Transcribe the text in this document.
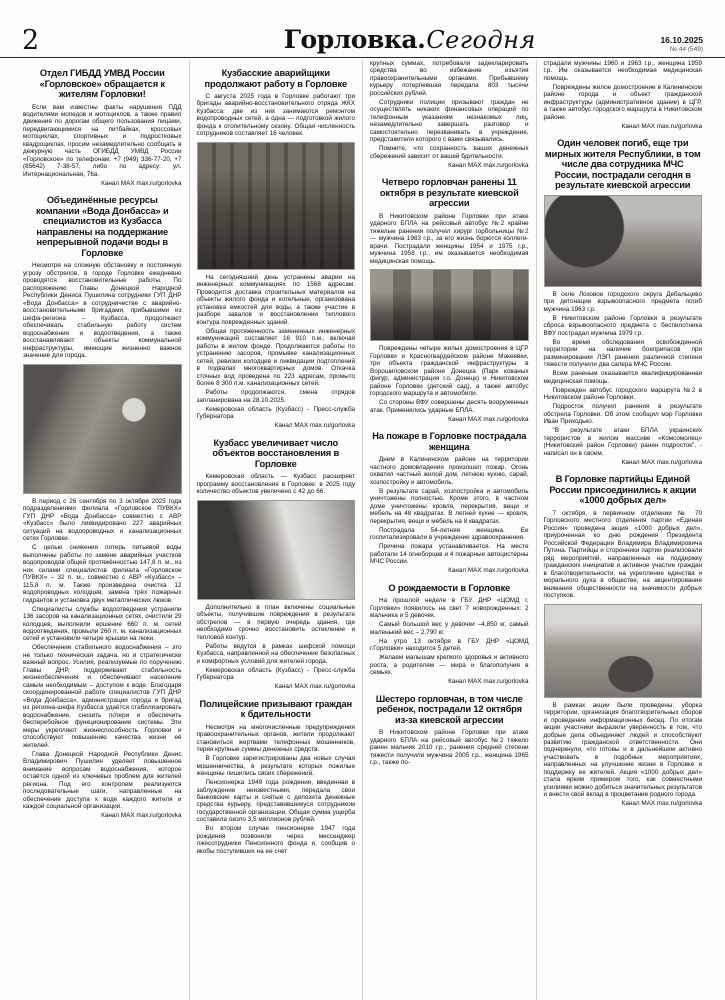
2	Горловка. Сегодня	16.10.2025
№ 44 (549)
Отдел ГИБДД УМВД России «Горловское» обращается к жителям Горловки!

Если вам известны факты нарушения ПДД водителями мопедов и мотоциклов, а также правил движения по дорогам общего пользования лицами, передвигающимися на питбайках, кроссовых мотоциклах, спортивных и подростковых квадроциклах, просим незамедлительно сообщать в дежурную часть ОГИБДД УМВД России «Горловское» по телефонам: +7 (949) 336-77-20, +7 (85642) 7-38-57, либо по адресу: ул. Интернациональная, 76а.

Канал MAX max.ru/gorlovka

Объединённые ресурсы компании «Вода Донбасса» и специалистов из Кузбасса направлены на поддержание непрерывной подачи воды в Горловке

Несмотря на сложную обстановку и постоянную угрозу обстрелов, в городе Горловке ежедневно проводятся восстановительные работы. По распоряжению Главы Донецкой Народной Республики Дениса Пушилина сотрудники ГУП ДНР «Вода Донбасса» в сотрудничестве с аварийно-восстановительными бригадами, прибывшими из шефа-региона – Кузбасса, продолжают обеспечивать стабильную работу систем водоснабжения и водоотведения, а также восстанавливают объекты коммунальной инфраструктуры, имеющие жизненно важное значение для города.

В период с 26 сентября по 3 октября 2025 года подразделениями филиала «Горловское ПУВКХ» ГУП ДНР «Вода Донбасса» совместно с АВР «Кузбасс» было ликвидировано 227 аварийных ситуаций на водопроводных и канализационных сетях Горловки.

С целью снижения потерь питьевой воды выполнены работы по замене аварийных участков водопроводов общей протяжённостью 147,8 п. м., из них силами специалистов филиала «Горловское ПУВКХ» – 32 п. м., совместно с АВР «Кузбасс» – 115,8 п. м. Также произведена очистка 12 водопроводных колодцев, замена трёх пожарных гидрантов и установка двух металлических люков.

Специалисты службы водоотведения устранили 136 засоров на канализационных сетях, очистили 29 колодцев, выполнили ершение 660 п. м. сетей водоотведения, промыли 260 п. м. канализационных сетей и установили четыре крышки на люки.

Обеспечение стабильного водоснабжения – это не только техническая задача, но и стратегически важный вопрос. Усилия, реализуемые по поручению Главы ДНР, поддерживают стабильность жизнеобеспечения и обеспечивают население самым необходимым – доступом к воде. Благодаря скоординированной работе специалистов ГУП ДНР «Вода Донбасса», администрации города и бригад из региона-шефа Кузбасса удаётся стабилизировать водоснабжение, снизить потери и обеспечить бесперебойное функционирование системы. Эти меры укрепляют жизнеспособность Горловки и способствуют повышению качества жизни её жителей.

Глава Донецкой Народной Республики Денис Владимирович Пушилин уделяет повышенное внимание вопросам водоснабжения, которое остаётся одной из ключевых проблем для жителей региона. Под его контролем реализуются последовательные шаги, направленные на обеспечение доступа к воде каждого жителя и каждой социальной организации.

Канал MAX max.ru/gorlovka

Кузбасские аварийщики продолжают работу в Горловке

С августа 2025 года в Горловке работают три бригады аварийно-восстановительного отряда ЖКХ Кузбасса: две из них занимаются ремонтом водопроводных сетей, а одна — подготовкой жилого фонда к отопительному сезону. Общая численность сотрудников составляет 16 человек.

На сегодняшний день устранены аварии на инженерных коммуникациях по 1568 адресам. Проводится доставка строительных материалов на объекты жилого фонда и котельные, организована установка емкостей для воды, а также участие в разборе завалов и восстановлении теплового контура поврежденных зданий.

Общая протяженность замененных инженерных коммуникаций составляет 16 910 п.м., включая работы в жилом фонде. Продолжаются работы по устранению засоров, промывке канализационных сетей, ревизии колодцев и ликвидации подтоплений в подвалах многоквартирных домов. Откачка сточных вод проведена по 223 адресам, промыто более 8 300 п.м. канализационных сетей.

Работы продолжаются, смена отрядов запланирована на 28.10.2025.

Кемеровская область (Кузбасс) - Пресс-служба Губернатора

Канал MAX max.ru/gorlovka

Кузбасс увеличивает число объектов восстановления в Горловке

Кемеровская область — Кузбасс расширяет программу восстановления в Горловке: в 2025 году количество объектов увеличено с 42 до 66.

Дополнительно в план включены социальные объекты, получившие повреждения в результате обстрелов — в первую очередь здания, где необходимо срочно восстановить остекление и тепловой контур.

Работы ведутся в рамках шефской помощи Кузбасса, направленной на обеспечение безопасных и комфортных условий для жителей города.

Кемеровская область (Кузбасс) - Пресс-служба Губернатора

Канал MAX max.ru/gorlovka

Полицейские призывают граждан к бдительности

Несмотря на многочисленные предупреждения правоохранительных органов, жители продолжают становиться жертвами телефонных мошенников, теряя крупные суммы денежных средств.

В Горловке зарегистрированы два новых случая мошенничества, в результате которых пожилые женщины лишились своих сбережений.

Пенсионерка 1949 года рождения, введенная в заблуждение неизвестными, передала свои банковские карты и снятые с депозита денежные средства курьеру, представившемуся сотрудником государственной организации. Общая сумма ущерба составила около 3,5 миллионов рублей.

Во втором случае пенсионерке 1947 года рождения позвонили через мессенджер лжесотрудники Пенсионного фонда и, сообщив о якобы поступивших на ее счет

крупных суммах, потребовали задекларировать средства во избежание изъятия правоохранительными органами. Прибывшему курьеру потерпевшая передала 803 тысячи российских рублей.

Сотрудники полиции призывают граждан не осуществлять никаких финансовых операций по телефонным указаниям незнакомых лиц, незамедлительно завершать разговор и самостоятельно перезванивать в учреждение, представители которого с вами связывались.

Помните, что сохранность ваших денежных сбережений зависит от вашей бдительности.

Канал MAX max.ru/gorlovka

Четверо горловчан ранены 11 октября в результате киевской агрессии

В Никитовском районе Горловки при атаке ударного БПЛА на рейсовый автобус №2 крайне тяжелые ранения получил хирург горбольницы №2 — мужчина 1983 г.р., за его жизнь борются коллеги-врачи. Пострадали женщины 1954 и 1975 г.р., мужчина 1958 г.р., им оказывается необходимая медицинская помощь.

Повреждены четыре жилых домостроения в ЦГР Горловки и Красногвардейском районе Макеевки, три объекта гражданской инфраструктуры в Ворошиловском районе Донецка (Парк кованых фигур, администрация г.о. Донецк) и Никитовском районе Горловки (детский сад), а также автобус городского маршрута и автомобили.

Со стороны ВФУ совершены десять вооруженных атак. Применялись ударные БПЛА.

Канал MAX max.ru/gorlovka

На пожаре в Горловке пострадала женщина

Днем в Калининском районе на территории частного домовладения произошел пожар. Огонь охватил частный жилой дом, летнюю кухню, сарай, хозпостройку и автомобиль.

В результате сарай, хозпостройка и автомобиль уничтожены полностью. Кроме этого, в частном доме уничтожены кровля, перекрытия, вещи и мебель на 48 квадратах. В летней кухне — кровля, перекрытия, вещи и мебель на 8 квадратах.

Пострадала 54-летняя женщина. Ее госпитализировали в учреждение здравоохранения.

Причина пожара устанавливается. На месте работали 14 огнеборцев и 4 пожарные автоцистерны МЧС России.

Канал MAX max.ru/gorlovka

О рождаемости в Горловке

На прошлой неделе в ГБУ ДНР «ЦОМД г. Горловки» появилось на свет 7 новорожденных: 2 мальчика и 5 девочек.

Самый большой вес у девочки –4,850 кг, самый маленький вес – 2,790 кг.

На утро 13 октября в ГБУ ДНР «ЦОМД г.Горловки» находится 5 детей.

Желаем малышам крепкого здоровья и активного роста, а родителям — мира и благополучия в семьях.

Канал MAX max.ru/gorlovka

Шестеро горловчан, в том числе ребенок, пострадали 12 октября из-за киевской агрессии

В Никитовском районе Горловки при атаке ударного БПЛА на рейсовый автобус №2 тяжело ранен мальчик 2010 г.р., ранения средней степени тяжести получили мужчина 2005 г.р., женщина 1965 г.р., также по-

страдали мужчины 1960 и 1963 г.р., женщина 1959 г.р. Им оказывается необходимая медицинская помощь.

Повреждены жилое домостроение в Калининском районе города и объект гражданской инфраструктуры (административное здание) в ЦГР, а также автобус городского маршрута в Никитовском районе.

Канал MAX max.ru/gorlovka

Один человек погиб, еще три мирных жителя Республики, в том числе два сотрудника МЧС России, пострадали сегодня в результате киевской агрессии

В селе Лозовое городского округа Дебальцево при детонации взрывоопасного предмета погиб мужчина 1963 г.р.

В Никитовском районе Горловки в результате сброса взрывоопасного предмета с беспилотника ВФУ пострадал мужчина 1979 г.р.

Во время обследования освобожденной территории на наличие боеприпасов при разминировании ЛЭП ранения различной степени тяжести получили два сапера МЧС России.

Всем раненым оказывается квалифицированная медицинская помощь.

Поврежден автобус городского маршрута №2 в Никитовском районе Горловки.

Подросток получил ранения в результате обстрела Горловки. Об этом сообщил мэр Горловки Иван Приходько.

"В результате атаки БПЛА украинских террористов в жилом массиве «Комсомолец» (Никитовский район Горловки) ранен подросток", - написал он в своем.

Канал MAX max.ru/gorlovka

В Горловке партийцы Единой России присоединились к акции «1000 добрых дел»

7 октября, в первичном отделении № 70 Горловского местного отделения партии «Единая Россия» проведена акция «1000 добрых дел», приуроченная ко дню рождения Президента Российской Федерации Владимира Владимировича Путина. Партийцы и сторонники партии реализовали ряд мероприятий, направленных на поддержку гражданских инициатив и активное участие граждан в благотворительности, на укрепление единства и морального духа в обществе, на акцентирование внимания общественности на значимости добрых поступков.

В рамках акции были проведены: уборка территории, организация благотворительных сборов и проведение информационных бесед. По итогам акции участники выразили уверенность в том, что добрые дела объединяют людей и способствуют развитию гражданской ответственности. Они подчеркнули, что готовы и в дальнейшем активно участвовать в подобных мероприятиях, направленных на улучшение жизни в Горловке и поддержку ее жителей. Акция «1000 добрых дел» стала ярким примером того, как совместными усилиями можно добиться значительных результатов и внести свой вклад в процветание родного города.

Канал MAX max.ru/gorlovka
